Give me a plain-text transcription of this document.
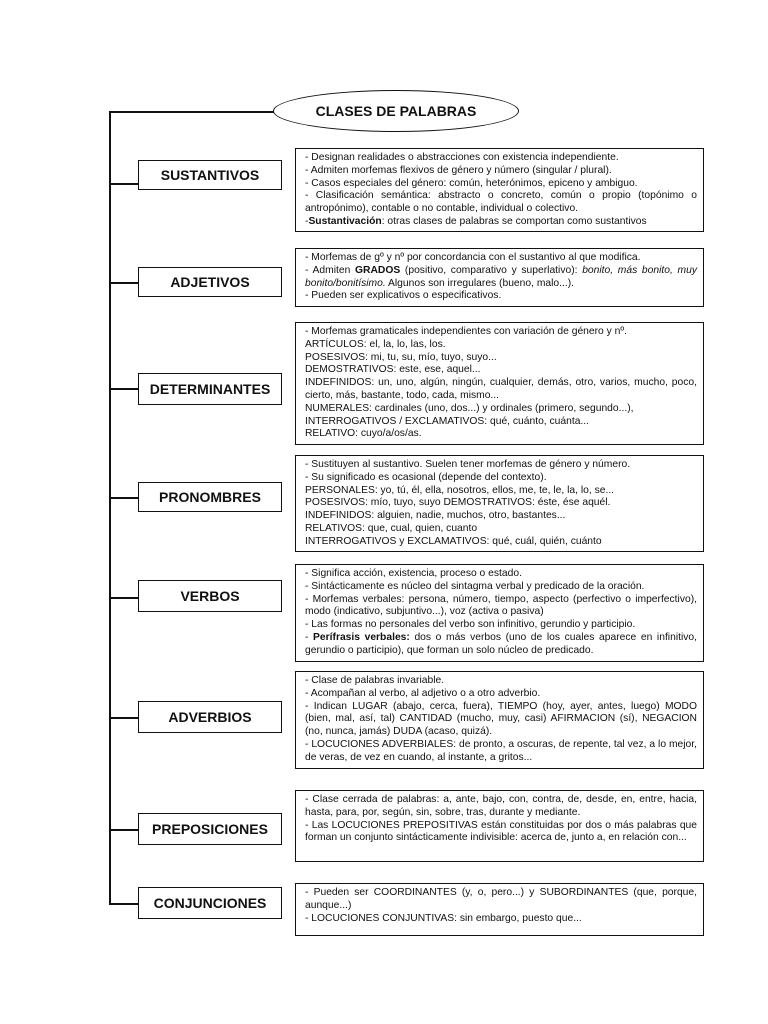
CLASES DE PALABRAS
SUSTANTIVOS

- Designan realidades o abstracciones con existencia independiente.

- Admiten morfemas flexivos de género y número (singular / plural).

- Casos especiales del género: común, heterónimos, epiceno y ambiguo.

- Clasificación semántica: abstracto o concreto, común o propio (topónimo o antropónimo), contable o no contable, individual o colectivo.

-Sustantivación: otras clases de palabras se comportan como sustantivos

ADJETIVOS

- Morfemas de gº y nº por concordancia con el sustantivo al que modifica.

- Admiten GRADOS (positivo, comparativo y superlativo): bonito, más bonito, muy bonito/bonitísimo. Algunos son irregulares (bueno, malo...).

- Pueden ser explicativos o especificativos.

DETERMINANTES

- Morfemas gramaticales independientes con variación de género y nº.

ARTÍCULOS: el, la, lo, las, los.

POSESIVOS: mi, tu, su, mío, tuyo, suyo...

DEMOSTRATIVOS: este, ese, aquel...

INDEFINIDOS: un, uno, algún, ningún, cualquier, demás, otro, varios, mucho, poco, cierto, más, bastante, todo, cada, mismo...

NUMERALES: cardinales (uno, dos...) y ordinales (primero, segundo...),

INTERROGATIVOS / EXCLAMATIVOS: qué, cuánto, cuánta...

RELATIVO: cuyo/a/os/as.

PRONOMBRES

- Sustituyen al sustantivo. Suelen tener morfemas de género y número.

- Su significado es ocasional (depende del contexto).

PERSONALES: yo, tú, él, ella, nosotros, ellos, me, te, le, la, lo, se...

POSESIVOS: mío, tuyo, suyo DEMOSTRATIVOS: éste, ése aquél.

INDEFINIDOS: alguien, nadie, muchos, otro, bastantes...

RELATIVOS: que, cual, quien, cuanto

INTERROGATIVOS y EXCLAMATIVOS: qué, cuál, quién, cuánto

VERBOS

- Significa acción, existencia, proceso o estado.

- Sintácticamente es núcleo del sintagma verbal y predicado de la oración.

- Morfemas verbales: persona, número, tiempo, aspecto (perfectivo o imperfectivo), modo (indicativo, subjuntivo...), voz (activa o pasiva)

- Las formas no personales del verbo son infinitivo, gerundio y participio.

- Perífrasis verbales: dos o más verbos (uno de los cuales aparece en infinitivo, gerundio o participio), que forman un solo núcleo de predicado.

ADVERBIOS

- Clase de palabras invariable.

- Acompañan al verbo, al adjetivo o a otro adverbio.

- Indican LUGAR (abajo, cerca, fuera), TIEMPO (hoy, ayer, antes, luego) MODO (bien, mal, así, tal) CANTIDAD (mucho, muy, casi) AFIRMACION (sí), NEGACION (no, nunca, jamás) DUDA (acaso, quizá).

- LOCUCIONES ADVERBIALES: de pronto, a oscuras, de repente, tal vez, a lo mejor, de veras, de vez en cuando, al instante, a gritos...

PREPOSICIONES

- Clase cerrada de palabras: a, ante, bajo, con, contra, de, desde, en, entre, hacia, hasta, para, por, según, sin, sobre, tras, durante y mediante.

- Las LOCUCIONES PREPOSITIVAS están constituidas por dos o más palabras que forman un conjunto sintácticamente indivisible: acerca de, junto a, en relación con...

CONJUNCIONES

- Pueden ser COORDINANTES (y, o, pero...) y SUBORDINANTES (que, porque, aunque...)

- LOCUCIONES CONJUNTIVAS: sin embargo, puesto que...
